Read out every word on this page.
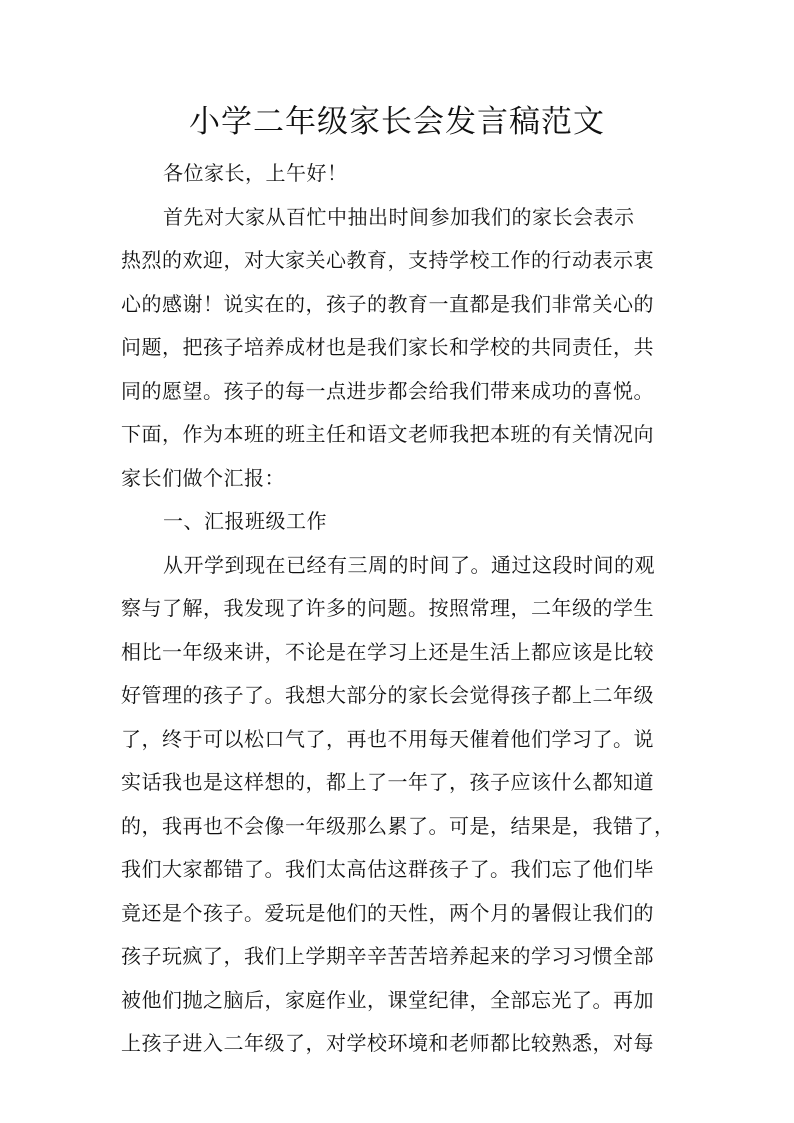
小学二年级家长会发言稿范文
各位家长，上午好！
首先对大家从百忙中抽出时间参加我们的家长会表示
热烈的欢迎，对大家关心教育，支持学校工作的行动表示衷
心的感谢！说实在的，孩子的教育一直都是我们非常关心的
问题，把孩子培养成材也是我们家长和学校的共同责任，共
同的愿望。孩子的每一点进步都会给我们带来成功的喜悦。
下面，作为本班的班主任和语文老师我把本班的有关情况向
家长们做个汇报：
一、汇报班级工作
从开学到现在已经有三周的时间了。通过这段时间的观
察与了解，我发现了许多的问题。按照常理，二年级的学生
相比一年级来讲，不论是在学习上还是生活上都应该是比较
好管理的孩子了。我想大部分的家长会觉得孩子都上二年级
了，终于可以松口气了，再也不用每天催着他们学习了。说
实话我也是这样想的，都上了一年了，孩子应该什么都知道
的，我再也不会像一年级那么累了。可是，结果是，我错了，
我们大家都错了。我们太高估这群孩子了。我们忘了他们毕
竟还是个孩子。爱玩是他们的天性，两个月的暑假让我们的
孩子玩疯了，我们上学期辛辛苦苦培养起来的学习习惯全部
被他们抛之脑后，家庭作业，课堂纪律，全部忘光了。再加
上孩子进入二年级了，对学校环境和老师都比较熟悉，对每
